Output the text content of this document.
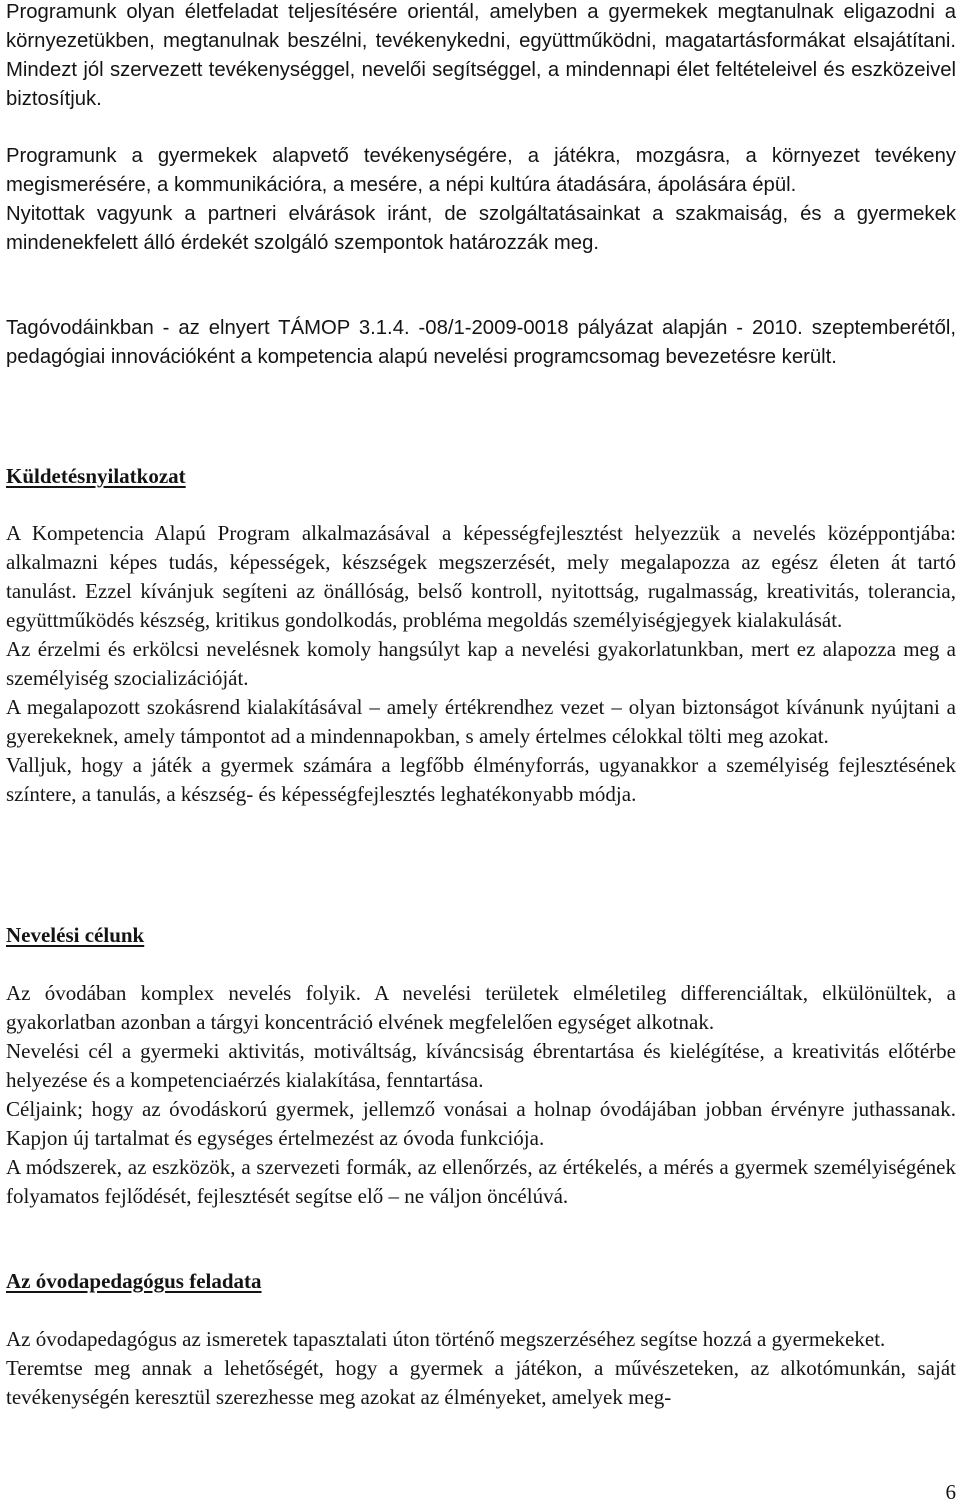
Programunk olyan életfeladat teljesítésére orientál, amelyben a gyermekek megtanulnak eligazodni a környezetükben, megtanulnak beszélni, tevékenykedni, együttműködni, magatartásformákat elsajátítani. Mindezt jól szervezett tevékenységgel, nevelői segítséggel, a mindennapi élet feltételeivel és eszközeivel biztosítjuk.

Programunk a gyermekek alapvető tevékenységére, a játékra, mozgásra, a környezet tevékeny megismerésére, a kommunikációra, a mesére, a népi kultúra átadására, ápolására épül.

Nyitottak vagyunk a partneri elvárások iránt, de szolgáltatásainkat a szakmaiság, és a gyermekek mindenekfelett álló érdekét szolgáló szempontok határozzák meg.

Tagóvodáinkban - az elnyert TÁMOP 3.1.4. -08/1-2009-0018 pályázat alapján - 2010. szeptemberétől, pedagógiai innovációként a kompetencia alapú nevelési programcsomag bevezetésre került.

Küldetésnyilatkozat

A Kompetencia Alapú Program alkalmazásával a képességfejlesztést helyezzük a nevelés középpontjába: alkalmazni képes tudás, képességek, készségek megszerzését, mely megalapozza az egész életen át tartó tanulást. Ezzel kívánjuk segíteni az önállóság, belső kontroll, nyitottság, rugalmasság, kreativitás, tolerancia, együttműködés készség, kritikus gondolkodás, probléma megoldás személyiségjegyek kialakulását.

Az érzelmi és erkölcsi nevelésnek komoly hangsúlyt kap a nevelési gyakorlatunkban, mert ez alapozza meg a személyiség szocializációját.

A megalapozott szokásrend kialakításával – amely értékrendhez vezet – olyan biztonságot kívánunk nyújtani a gyerekeknek, amely támpontot ad a mindennapokban, s amely értelmes célokkal tölti meg azokat.

Valljuk, hogy a játék a gyermek számára a legfőbb élményforrás, ugyanakkor a személyiség fejlesztésének színtere, a tanulás, a készség- és képességfejlesztés leghatékonyabb módja.

Nevelési célunk

Az óvodában komplex nevelés folyik. A nevelési területek elméletileg differenciáltak, elkülönültek, a gyakorlatban azonban a tárgyi koncentráció elvének megfelelően egységet alkotnak.

Nevelési cél a gyermeki aktivitás, motiváltság, kíváncsiság ébrentartása és kielégítése, a kreativitás előtérbe helyezése és a kompetenciaérzés kialakítása, fenntartása.

Céljaink; hogy az óvodáskorú gyermek, jellemző vonásai a holnap óvodájában jobban érvényre juthassanak. Kapjon új tartalmat és egységes értelmezést az óvoda funkciója.

A módszerek, az eszközök, a szervezeti formák, az ellenőrzés, az értékelés, a mérés a gyermek személyiségének folyamatos fejlődését, fejlesztését segítse elő – ne váljon öncélúvá.

Az óvodapedagógus feladata

Az óvodapedagógus az ismeretek tapasztalati úton történő megszerzéséhez segítse hozzá a gyermekeket.

Teremtse meg annak a lehetőségét, hogy a gyermek a játékon, a művészeteken, az alkotómunkán, saját tevékenységén keresztül szerezhesse meg azokat az élményeket, amelyek meg-

6
